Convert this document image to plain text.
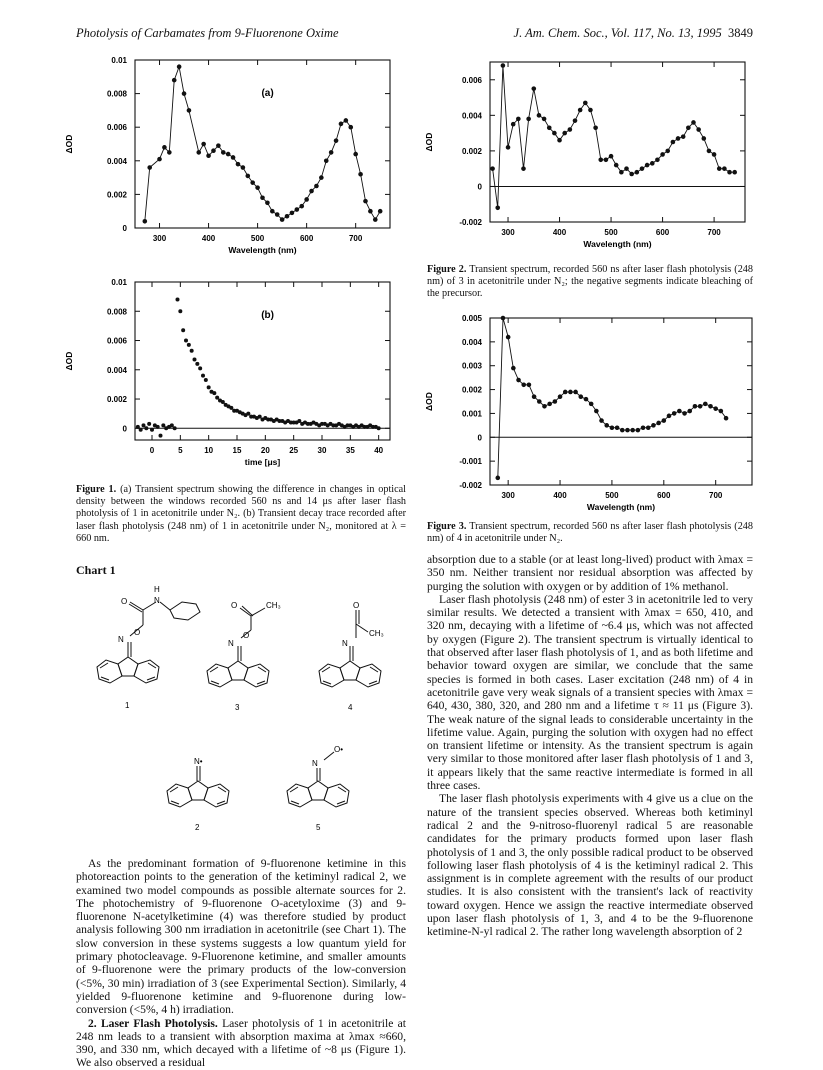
Photolysis of Carbamates from 9-Fluorenone Oxime	J. Am. Chem. Soc., Vol. 117, No. 13, 1995 3849
300	400	500	600	700
0
0.002
0.004
0.006
0.008
0.01
Wavelength (nm)
ΔOD
(a)
0	5	10 15 20 25 30 35 40
0
0.002
0.004
0.006
0.008
0.01
time [μs]
ΔOD
(b)
Figure 1. (a) Transient spectrum showing the difference in changes in optical density between the windows recorded 560 ns and 14 μs after laser flash photolysis of 1 in acetonitrile under N₂. (b) Transient decay trace recorded after laser flash photolysis (248 nm) of 1 in acetonitrile under N₂, monitored at λ = 660 nm.
300	400	500	600	700
-0.002
0
0.002
0.004
0.006
Wavelength (nm)
ΔOD
Figure 2. Transient spectrum, recorded 560 ns after laser flash photolysis (248 nm) of 3 in acetonitrile under N₂; the negative segments indicate bleaching of the precursor.
300	400	500	600	700
-0.002
-0.001
0
0.001
0.002
0.003
0.004
0.005
Wavelength (nm)
ΔOD
Figure 3. Transient spectrum, recorded 560 ns after laser flash photolysis (248 nm) of 4 in acetonitrile under N₂.
Chart 1
N
O
O	N
H
1
N
O
O	CH₃
3
N
O
CH₃
4
N•
2
N
O•
5

As the predominant formation of 9-fluorenone ketimine in this photoreaction points to the generation of the ketiminyl radical 2, we examined two model compounds as possible alternate sources for 2. The photochemistry of 9-fluorenone O-acetyloxime (3) and 9-fluorenone N-acetylketimine (4) was therefore studied by product analysis following 300 nm irradiation in acetonitrile (see Chart 1). The slow conversion in these systems suggests a low quantum yield for primary photocleavage. 9-Fluorenone ketimine, and smaller amounts of 9-fluorenone were the primary products of the low-conversion (<5%, 30 min) irradiation of 3 (see Experimental Section). Similarly, 4 yielded 9-fluorenone ketimine and 9-fluorenone during low-conversion (<5%, 4 h) irradiation.

2. Laser Flash Photolysis. Laser photolysis of 1 in acetonitrile at 248 nm leads to a transient with absorption maxima at λmax ≈660, 390, and 330 nm, which decayed with a lifetime of ~8 μs (Figure 1). We also observed a residual

absorption due to a stable (or at least long-lived) product with λmax = 350 nm. Neither transient nor residual absorption was affected by purging the solution with oxygen or by addition of 1% methanol.

Laser flash photolysis (248 nm) of ester 3 in acetonitrile led to very similar results. We detected a transient with λmax = 650, 410, and 320 nm, decaying with a lifetime of ~6.4 μs, which was not affected by oxygen (Figure 2). The transient spectrum is virtually identical to that observed after laser flash photolysis of 1, and as both lifetime and behavior toward oxygen are similar, we conclude that the same species is formed in both cases. Laser excitation (248 nm) of 4 in acetonitrile gave very weak signals of a transient species with λmax = 640, 430, 380, 320, and 280 nm and a lifetime τ ≈ 11 μs (Figure 3). The weak nature of the signal leads to considerable uncertainty in the lifetime value. Again, purging the solution with oxygen had no effect on transient lifetime or intensity. As the transient spectrum is again very similar to those monitored after laser flash photolysis of 1 and 3, it appears likely that the same reactive intermediate is formed in all three cases.

The laser flash photolysis experiments with 4 give us a clue on the nature of the transient species observed. Whereas both ketiminyl radical 2 and the 9-nitroso-fluorenyl radical 5 are reasonable candidates for the primary products formed upon laser flash photolysis of 1 and 3, the only possible radical product to be observed following laser flash photolysis of 4 is the ketiminyl radical 2. This assignment is in complete agreement with the results of our product studies. It is also consistent with the transient's lack of reactivity toward oxygen. Hence we assign the reactive intermediate observed upon laser flash photolysis of 1, 3, and 4 to be the 9-fluorenone ketimine-N-yl radical 2. The rather long wavelength absorption of 2
